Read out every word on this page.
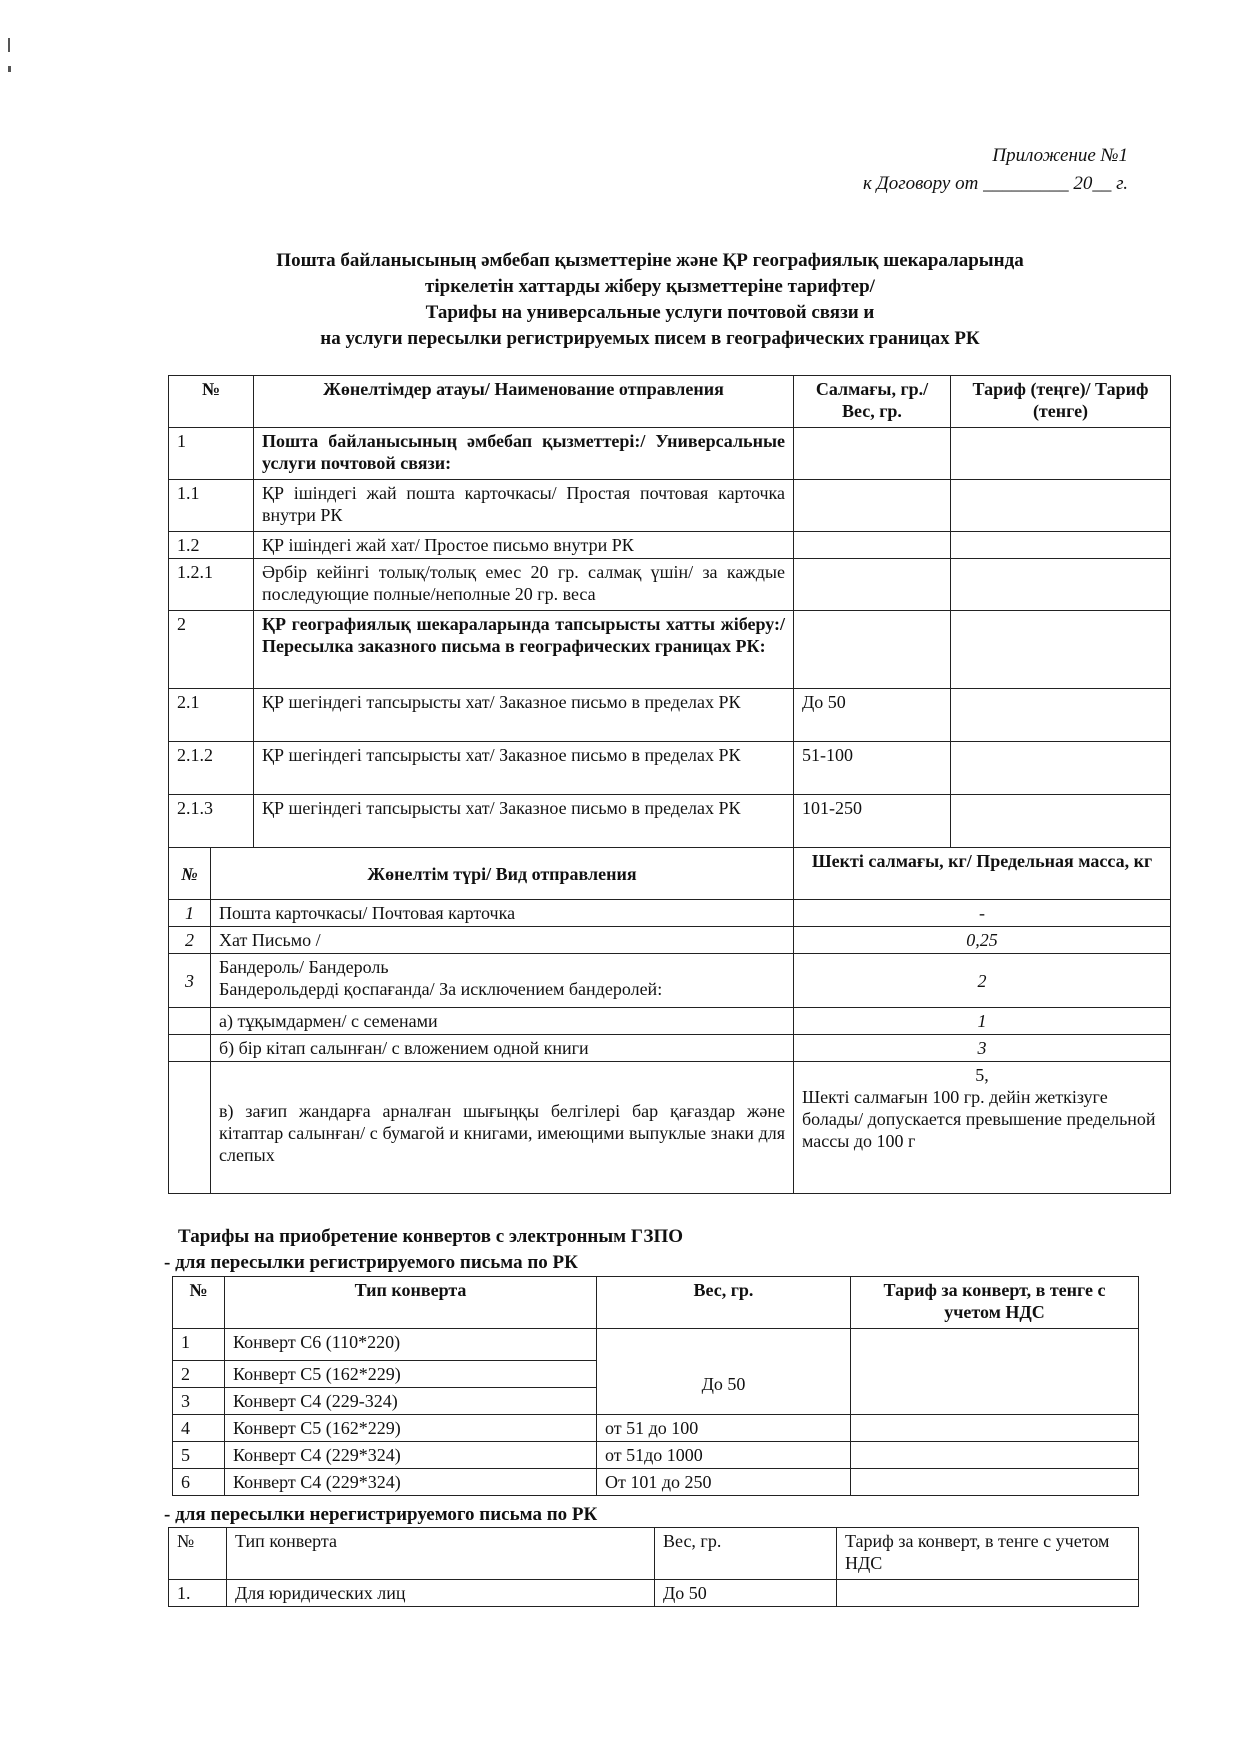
Приложение №1
к Договору от _________ 20__ г.
Пошта байланысының әмбебап қызметтеріне және ҚР географиялық шекараларында
тіркелетін хаттарды жіберу қызметтеріне тарифтер/
Тарифы на универсальные услуги почтовой связи и
на услуги пересылки регистрируемых писем в географических границах РК
№		Жөнелтімдер атауы/ Наименование отправления	Салмағы, гр./ Вес, гр.	Тариф (теңге)/ Тариф (тенге)
1		Пошта байланысының әмбебап қызметтері:/ Универсальные услуги почтовой связи:		
1.1		ҚР ішіндегі жай пошта карточкасы/ Простая почтовая карточка внутри РК		
1.2		ҚР ішіндегі жай хат/ Простое письмо внутри РК		
1.2.1		Әрбір кейінгі толық/толық емес 20 гр. салмақ үшін/ за каждые последующие полные/неполные 20 гр. веса		
2		ҚР географиялық шекараларында тапсырысты хатты жіберу:/ Пересылка заказного письма в географических границах РК:		
2.1		ҚР шегіндегі тапсырысты хат/ Заказное письмо в пределах РК	До 50	
2.1.2		ҚР шегіндегі тапсырысты хат/ Заказное письмо в пределах РК	51-100	
2.1.3		ҚР шегіндегі тапсырысты хат/ Заказное письмо в пределах РК	101-250	
№	Жөнелтім түрі/ Вид отправления		Шекті салмағы, кг/ Предельная масса, кг	
1	Пошта карточкасы/ Почтовая карточка		-	
2	Хат Письмо /		0,25	
3	Бандероль/ Бандероль
Бандерольдерді қоспағанда/ За исключением бандеролей:		2	
	а) тұқымдармен/ с семенами		1	
	б) бір кітап салынған/ с вложением одной книги		3	
	в) зағип жандарға арналған шығыңқы белгілері бар қағаздар және кітаптар салынған/ с бумагой и книгами, имеющими выпуклые знаки для слепых		5,
Шекті салмағын 100 гр. дейін жеткізуге болады/ допускается превышение предельной массы до 100 г	
Тарифы на приобретение конвертов с электронным ГЗПО
- для пересылки регистрируемого письма по РК
№	Тип конверта	Вес, гр.	Тариф за конверт, в тенге с учетом НДС
1	Конверт С6 (110*220)	До 50	
2	Конверт С5 (162*229)		
3	Конверт С4 (229-324)		
4	Конверт С5 (162*229)	от 51 до 100	
5	Конверт С4 (229*324)	от 51до 1000	
6	Конверт С4 (229*324)	От 101 до 250	
- для пересылки нерегистрируемого письма по РК
№	Тип конверта	Вес, гр.	Тариф за конверт, в тенге с учетом НДС
1.	Для юридических лиц	До 50	
